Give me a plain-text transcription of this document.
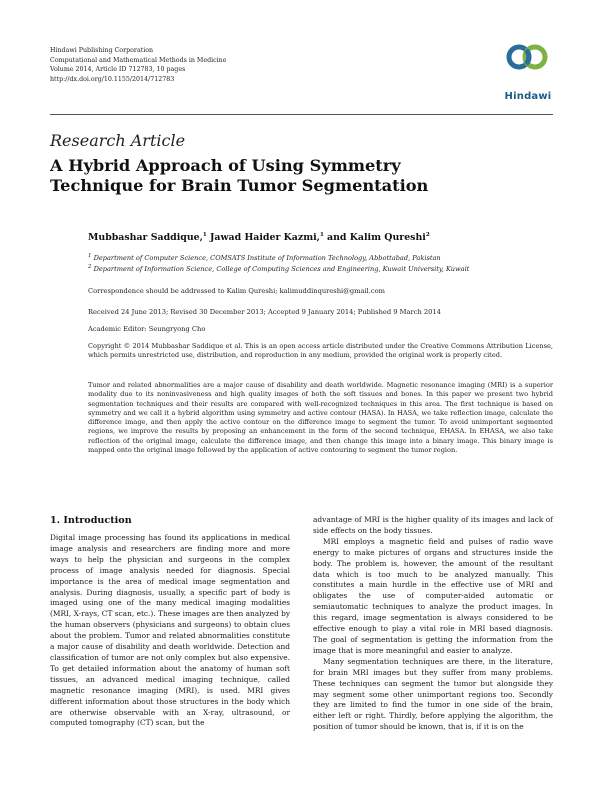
Hindawi Publishing Corporation
Computational and Mathematical Methods in Medicine
Volume 2014, Article ID 712783, 10 pages
http://dx.doi.org/10.1155/2014/712783
Hindawi
Research Article
A Hybrid Approach of Using Symmetry Technique for Brain Tumor Segmentation
Mubbashar Saddique,$^1$ Jawad Haider Kazmi,$^1$ and Kalim Qureshi$^2$
$^1$ Department of Computer Science, COMSATS Institute of Information Technology, Abbottabad, Pakistan
$^2$ Department of Information Science, College of Computing Sciences and Engineering, Kuwait University, Kuwait
Correspondence should be addressed to Kalim Qureshi; kalimuddinqureshi@gmail.com
Received 24 June 2013; Revised 30 December 2013; Accepted 9 January 2014; Published 9 March 2014
Academic Editor: Seungryong Cho
Copyright © 2014 Mubbashar Saddique et al. This is an open access article distributed under the Creative Commons Attribution License, which permits unrestricted use, distribution, and reproduction in any medium, provided the original work is properly cited.
Tumor and related abnormalities are a major cause of disability and death worldwide. Magnetic resonance imaging (MRI) is a superior modality due to its noninvasiveness and high quality images of both the soft tissues and bones. In this paper we present two hybrid segmentation techniques and their results are compared with well-recognized techniques in this area. The first technique is based on symmetry and we call it a hybrid algorithm using symmetry and active contour (HASA). In HASA, we take reflection image, calculate the difference image, and then apply the active contour on the difference image to segment the tumor. To avoid unimportant segmented regions, we improve the results by proposing an enhancement in the form of the second technique, EHASA. In EHASA, we also take reflection of the original image, calculate the difference image, and then change this image into a binary image. This binary image is mapped onto the original image followed by the application of active contouring to segment the tumor region.
1. Introduction

Digital image processing has found its applications in medical image analysis and researchers are finding more and more ways to help the physician and surgeons in the complex process of image analysis needed for diagnosis. Special importance is the area of medical image segmentation and analysis. During diagnosis, usually, a specific part of body is imaged using one of the many medical imaging modalities (MRI, X-rays, CT scan, etc.). These images are then analyzed by the human observers (physicians and surgeons) to obtain clues about the problem. Tumor and related abnormalities constitute a major cause of disability and death worldwide. Detection and classification of tumor are not only complex but also expensive. To get detailed information about the anatomy of human soft tissues, an advanced medical imaging technique, called magnetic resonance imaging (MRI), is used. MRI gives different information about those structures in the body which are otherwise observable with an X-ray, ultrasound, or computed tomography (CT) scan, but the

advantage of MRI is the higher quality of its images and lack of side effects on the body tissues.

MRI employs a magnetic field and pulses of radio wave energy to make pictures of organs and structures inside the body. The problem is, however, the amount of the resultant data which is too much to be analyzed manually. This constitutes a main hurdle in the effective use of MRI and obligates the use of computer-aided automatic or semiautomatic techniques to analyze the product images. In this regard, image segmentation is always considered to be effective enough to play a vital role in MRI based diagnosis. The goal of segmentation is getting the information from the image that is more meaningful and easier to analyze.

Many segmentation techniques are there, in the literature, for brain MRI images but they suffer from many problems. These techniques can segment the tumor but alongside they may segment some other unimportant regions too. Secondly they are limited to find the tumor in one side of the brain, either left or right. Thirdly, before applying the algorithm, the position of tumor should be known, that is, if it is on the
